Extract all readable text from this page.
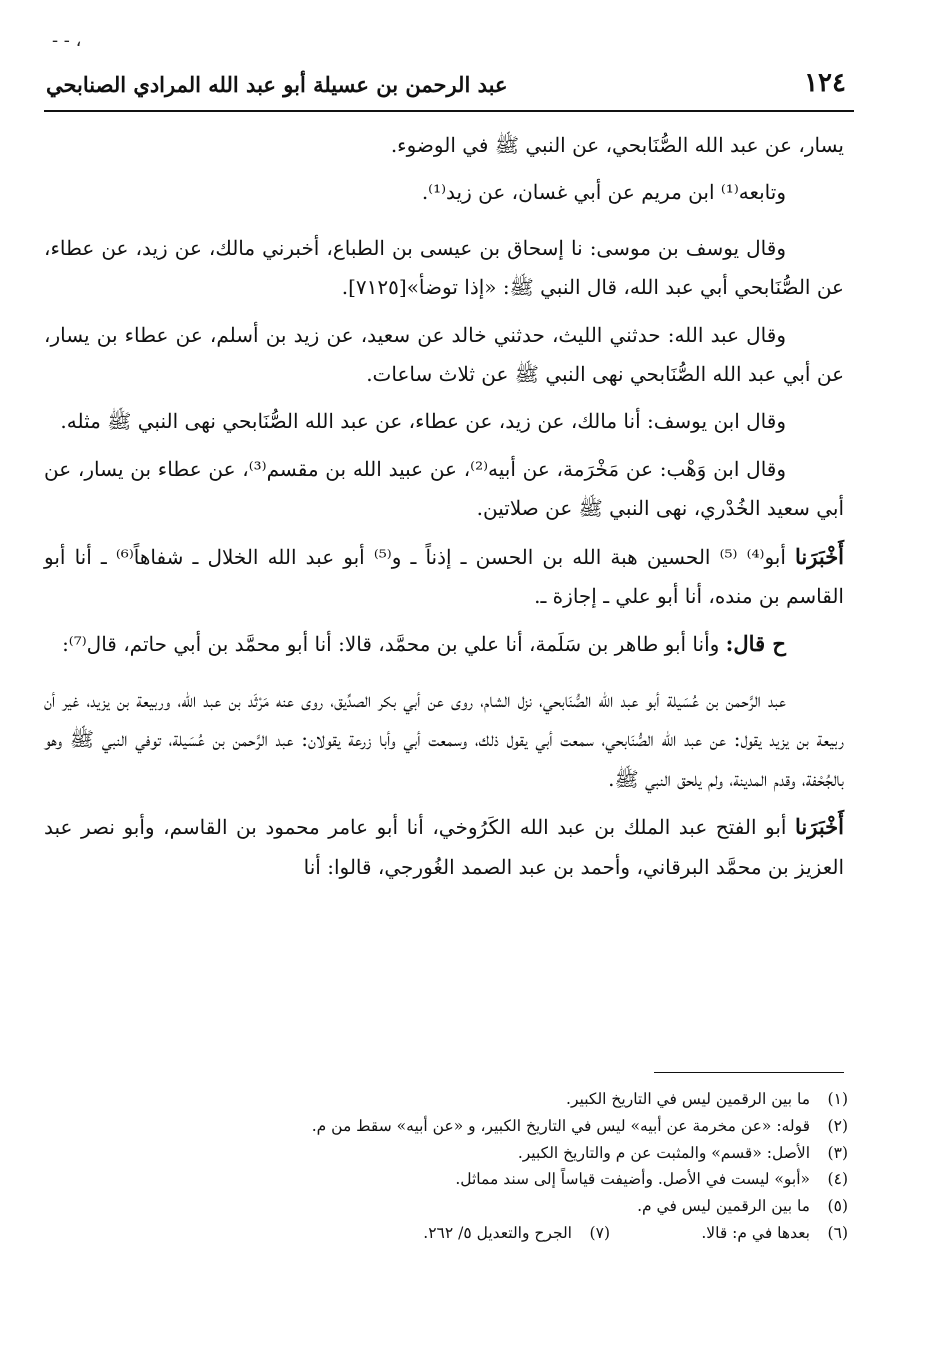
- - ،
١٢٤
عبد الرحمن بن عسيلة أبو عبد الله المرادي الصنابحي

يسار، عن عبد الله الصُّنَابحي، عن النبي ﷺ في الوضوء.

وتابعه⁽¹⁾ ابن مريم عن أبي غسان، عن زيد⁽¹⁾.

وقال يوسف بن موسى: نا إسحاق بن عيسى بن الطباع، أخبرني مالك، عن زيد، عن عطاء، عن الصُّنَابحي أبي عبد الله، قال النبي ﷺ: «إذا توضأ»[٧١٢٥].

وقال عبد الله: حدثني الليث، حدثني خالد عن سعيد، عن زيد بن أسلم، عن عطاء بن يسار، عن أبي عبد الله الصُّنَابحي نهى النبي ﷺ عن ثلاث ساعات.

وقال ابن يوسف: أنا مالك، عن زيد، عن عطاء، عن عبد الله الصُّنَابحي نهى النبي ﷺ مثله.

وقال ابن وَهْب: عن مَخْرَمة، عن أبيه⁽²⁾، عن عبيد الله بن مقسم⁽³⁾، عن عطاء بن يسار، عن أبي سعيد الخُدْري، نهى النبي ﷺ عن صلاتين.

أَخْبَرَنا أبو⁽⁴⁾ ⁽⁵⁾ الحسين هبة الله بن الحسن ـ إذناً ـ و⁽⁵⁾ أبو عبد الله الخلال ـ شفاهاً⁽⁶⁾ ـ أنا أبو القاسم بن منده، أنا أبو علي ـ إجازة ـ.

ح قال: وأنا أبو طاهر بن سَلَمة، أنا علي بن محمَّد، قالا: أنا أبو محمَّد بن أبي حاتم، قال⁽⁷⁾:

عبد الرَّحمن بن عُسَيلة أبو عبد الله الصُّنَابحي، نزل الشام، روى عن أبي بكر الصدِّيق، روى عنه مَرْثَد بن عبد الله، وربيعة بن يزيد، غير أن ربيعة بن يزيد يقول: عن عبد الله الصُّنَابحي، سمعت أبي يقول ذلك، وسمعت أبي وأبا زرعة يقولان: عبد الرَّحمن بن عُسَيلة، توفي النبي ﷺ وهو بالجُحْفة، وقدم المدينة، ولم يلحق النبي ﷺ.

أَخْبَرَنا أبو الفتح عبد الملك بن عبد الله الكَرُوخي، أنا أبو عامر محمود بن القاسم، وأبو نصر عبد العزيز بن محمَّد البرقاني، وأحمد بن عبد الصمد الغُورجي، قالوا: أنا

(١)
ما بين الرقمين ليس في التاريخ الكبير.
(٢)
قوله: «عن مخرمة عن أبيه» ليس في التاريخ الكبير، و «عن أبيه» سقط من م.
(٣)
الأصل: «قسم» والمثبت عن م والتاريخ الكبير.
(٤)
«أبو» ليست في الأصل. وأضيفت قياساً إلى سند مماثل.
(٥)
ما بين الرقمين ليس في م.
(٦)
بعدها في م: قالا.
(٧)
الجرح والتعديل ٥/ ٢٦٢.
